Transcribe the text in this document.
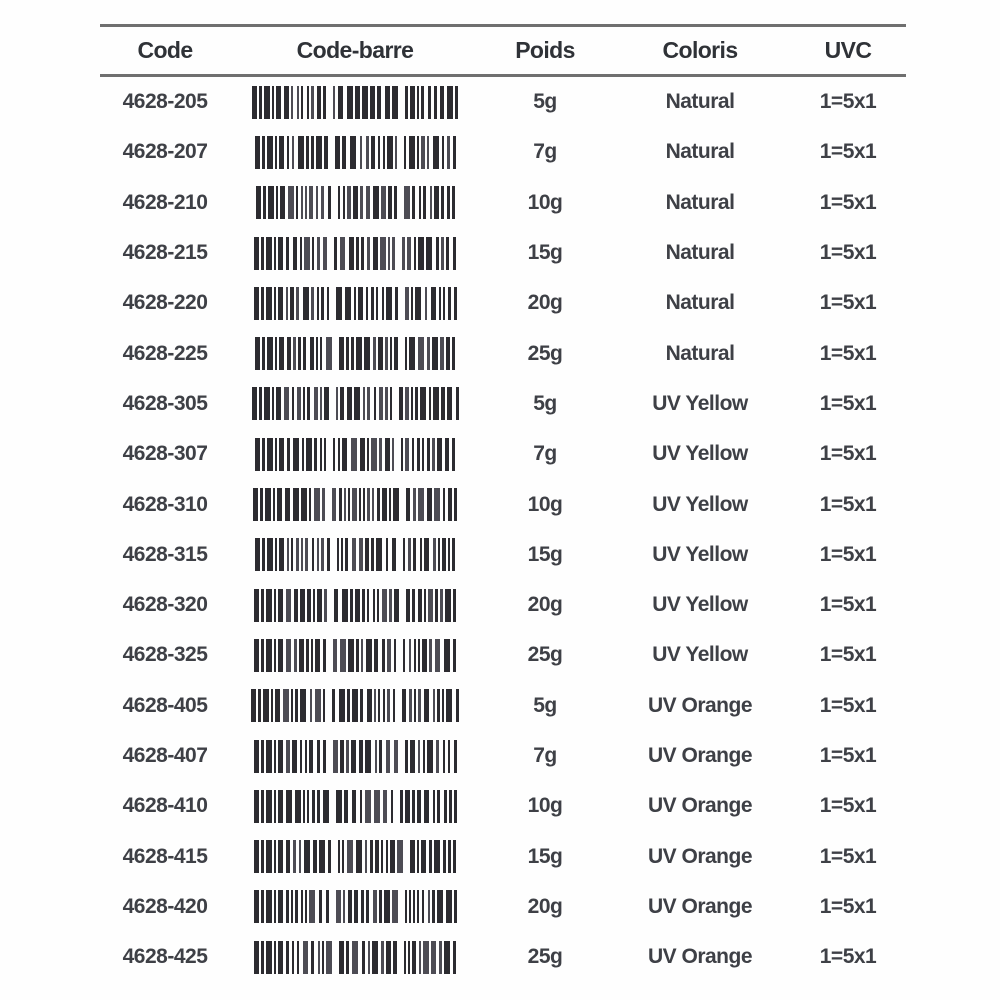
Code	Code-barre	Poids	Coloris	UVC
4628-205	5g	Natural	1=5x1
4628-207	7g	Natural	1=5x1
4628-210	10g	Natural	1=5x1
4628-215	15g	Natural	1=5x1
4628-220	20g	Natural	1=5x1
4628-225	25g	Natural	1=5x1
4628-305	5g	UV Yellow	1=5x1
4628-307	7g	UV Yellow	1=5x1
4628-310	10g	UV Yellow	1=5x1
4628-315	15g	UV Yellow	1=5x1
4628-320	20g	UV Yellow	1=5x1
4628-325	25g	UV Yellow	1=5x1
4628-405	5g	UV Orange	1=5x1
4628-407	7g	UV Orange	1=5x1
4628-410	10g	UV Orange	1=5x1
4628-415	15g	UV Orange	1=5x1
4628-420	20g	UV Orange	1=5x1
4628-425	25g	UV Orange	1=5x1
